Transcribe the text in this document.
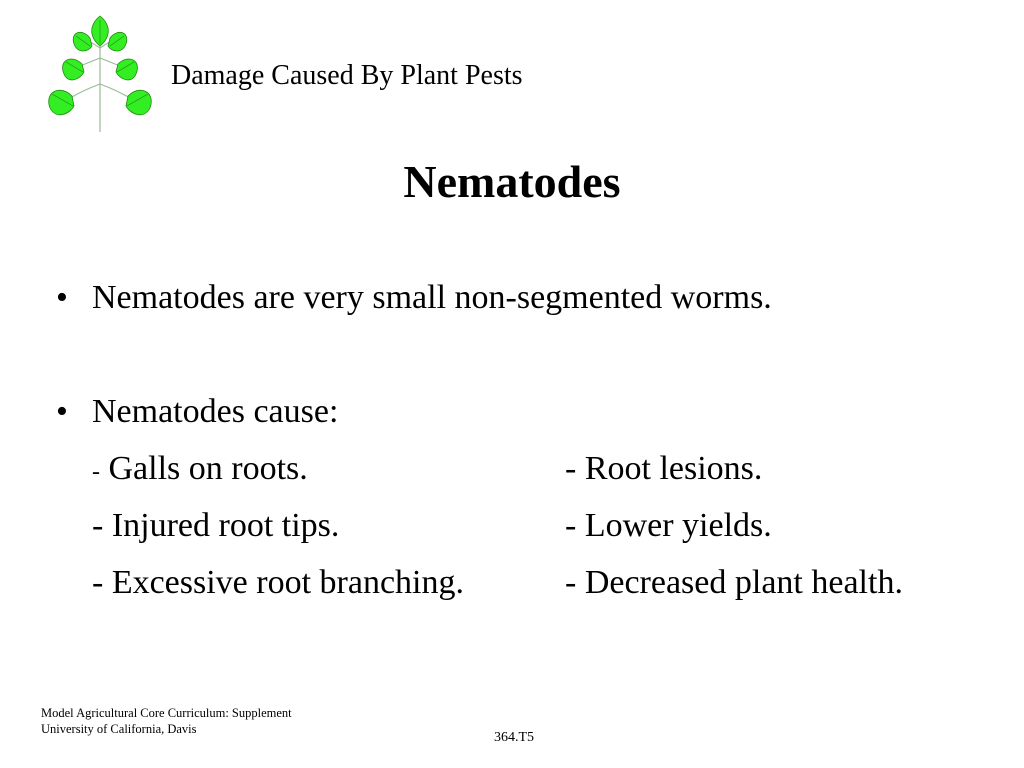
Damage Caused By Plant Pests
Nematodes
• Nematodes are very small non-segmented worms.
• Nematodes cause:
- Galls on roots.
- Injured root tips.
- Excessive root branching.
- Root lesions.
- Lower yields.
- Decreased plant health.
Model Agricultural Core Curriculum: Supplement
University of California, Davis
364.T5
